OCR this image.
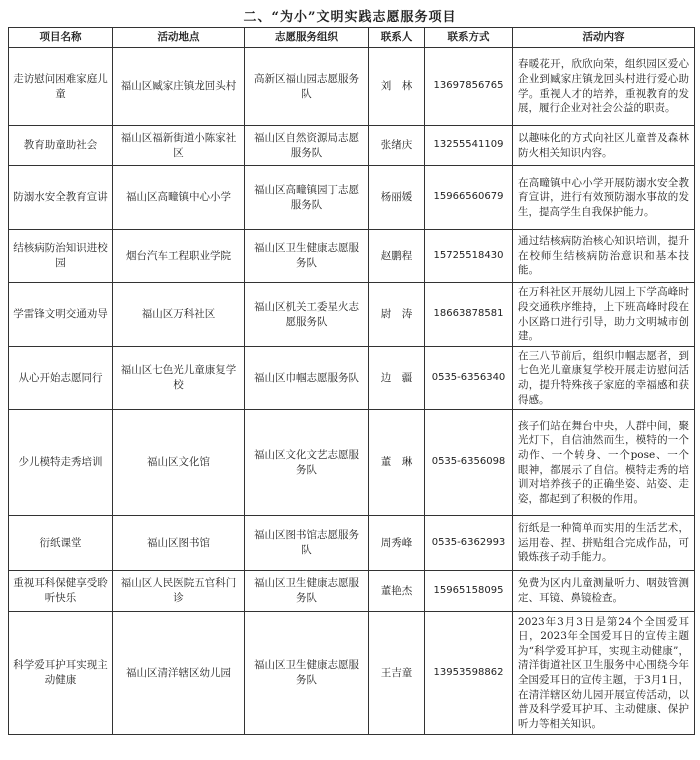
二、“为小”文明实践志愿服务项目
项目名称	活动地点	志愿服务组织	联系人	联系方式	活动内容
走访慰问困难家庭儿童	福山区臧家庄镇龙回头村	高新区福山园志愿服务队	刘　林	13697856765	春暖花开，欣欣向荣，组织园区爱心企业到臧家庄镇龙回头村进行爱心助学。重视人才的培养，重视教育的发展，履行企业对社会公益的职责。
教育助童助社会	福山区福新街道小陈家社区	福山区自然资源局志愿服务队	张绪庆	13255541109	以趣味化的方式向社区儿童普及森林防火相关知识内容。
防溺水安全教育宣讲	福山区高疃镇中心小学	福山区高疃镇园丁志愿服务队	杨丽媛	15966560679	在高疃镇中心小学开展防溺水安全教育宣讲，进行有效预防溺水事故的发生，提高学生自我保护能力。
结核病防治知识进校园	烟台汽车工程职业学院	福山区卫生健康志愿服务队	赵鹏程	15725518430	通过结核病防治核心知识培训，提升在校师生结核病防治意识和基本技能。
学雷锋文明交通劝导	福山区万科社区	福山区机关工委星火志愿服务队	尉　涛	18663878581	在万科社区开展幼儿园上下学高峰时段交通秩序维持，上下班高峰时段在小区路口进行引导，助力文明城市创建。
从心开始志愿同行	福山区七色光儿童康复学校	福山区巾帼志愿服务队	边　疆	0535-6356340	在三八节前后，组织巾帼志愿者，到七色光儿童康复学校开展走访慰问活动，提升特殊孩子家庭的幸福感和获得感。
少儿模特走秀培训	福山区文化馆	福山区文化文艺志愿服务队	董　琳	0535-6356098	孩子们站在舞台中央，人群中间，聚光灯下，自信油然而生，模特的一个动作、一个转身、一个pose、一个眼神，都展示了自信。模特走秀的培训对培养孩子的正确坐姿、站姿、走姿，都起到了积极的作用。
衍纸课堂	福山区图书馆	福山区图书馆志愿服务队	周秀峰	0535-6362993	衍纸是一种简单而实用的生活艺术，运用卷、捏、拼贴组合完成作品，可锻炼孩子动手能力。
重视耳科保健享受聆听快乐	福山区人民医院五官科门诊	福山区卫生健康志愿服务队	董艳杰	15965158095	免费为区内儿童测量听力、咽鼓管测定、耳镜、鼻镜检查。
科学爱耳护耳实现主动健康	福山区清洋辖区幼儿园	福山区卫生健康志愿服务队	王吉童	13953598862	2023年3月3日是第24个全国爱耳日，2023年全国爱耳日的宣传主题为“科学爱耳护耳，实现主动健康”，清洋街道社区卫生服务中心围绕今年全国爱耳日的宣传主题，于3月1日，在清洋辖区幼儿园开展宣传活动，以普及科学爱耳护耳、主动健康、保护听力等相关知识。
